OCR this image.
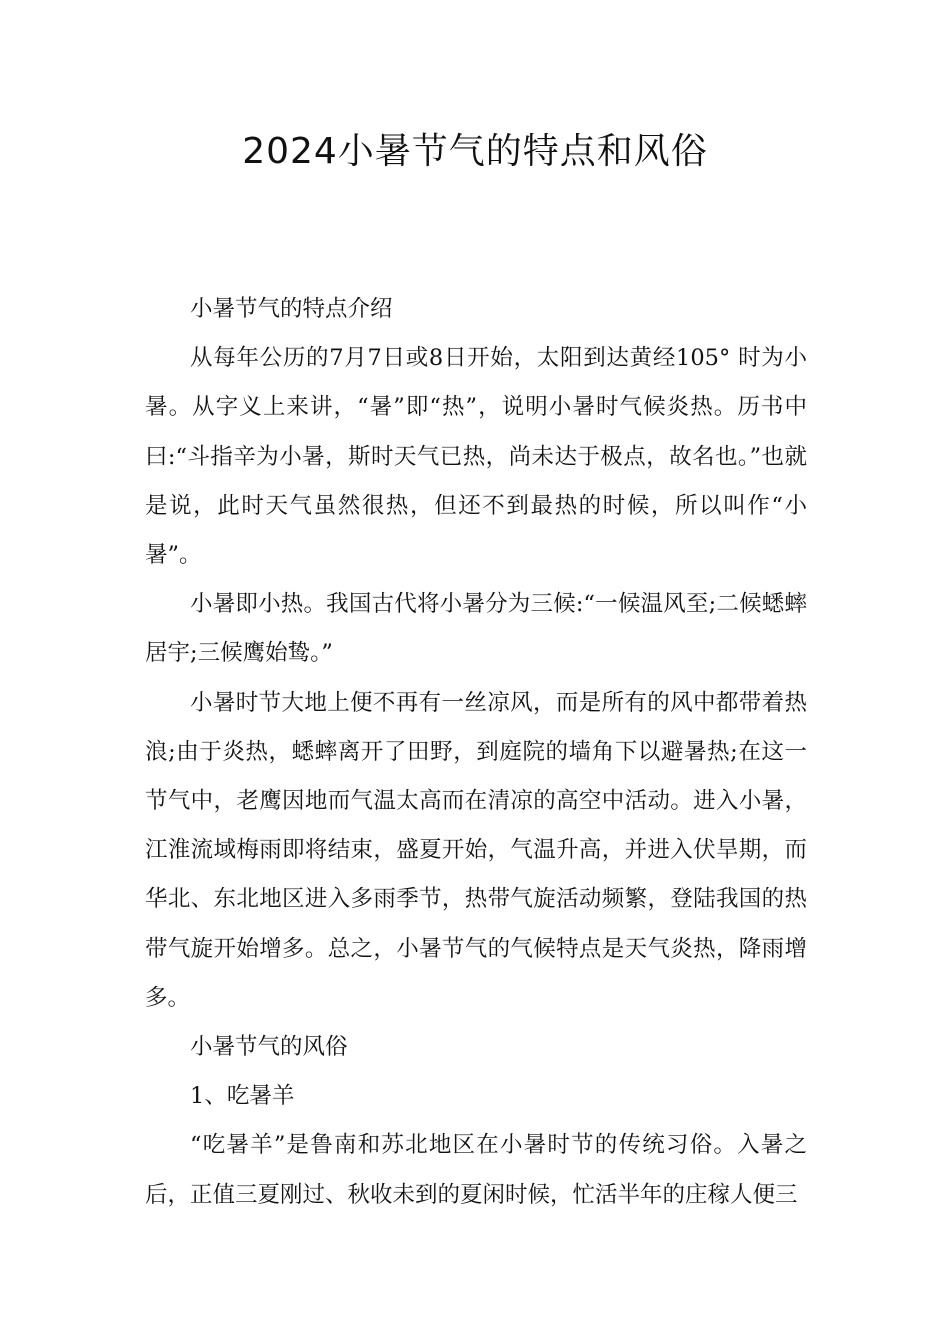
2024小暑节气的特点和风俗

小暑节气的特点介绍

从每年公历的7月7日或8日开始，太阳到达黄经105° 时为小暑。从字义上来讲，“暑”即“热”，说明小暑时气候炎热。历书中曰:“斗指辛为小暑，斯时天气已热，尚未达于极点，故名也。”也就是说，此时天气虽然很热，但还不到最热的时候，所以叫作“小暑”。

小暑即小热。我国古代将小暑分为三候:“一候温风至;二候蟋蟀居宇;三候鹰始鸷。”

小暑时节大地上便不再有一丝凉风，而是所有的风中都带着热浪;由于炎热，蟋蟀离开了田野，到庭院的墙角下以避暑热;在这一节气中，老鹰因地而气温太高而在清凉的高空中活动。进入小暑，江淮流域梅雨即将结束，盛夏开始，气温升高，并进入伏旱期，而华北、东北地区进入多雨季节，热带气旋活动频繁，登陆我国的热带气旋开始增多。总之，小暑节气的气候特点是天气炎热，降雨增多。

小暑节气的风俗

1、吃暑羊

“吃暑羊”是鲁南和苏北地区在小暑时节的传统习俗。入暑之后，正值三夏刚过、秋收未到的夏闲时候，忙活半年的庄稼人便三
